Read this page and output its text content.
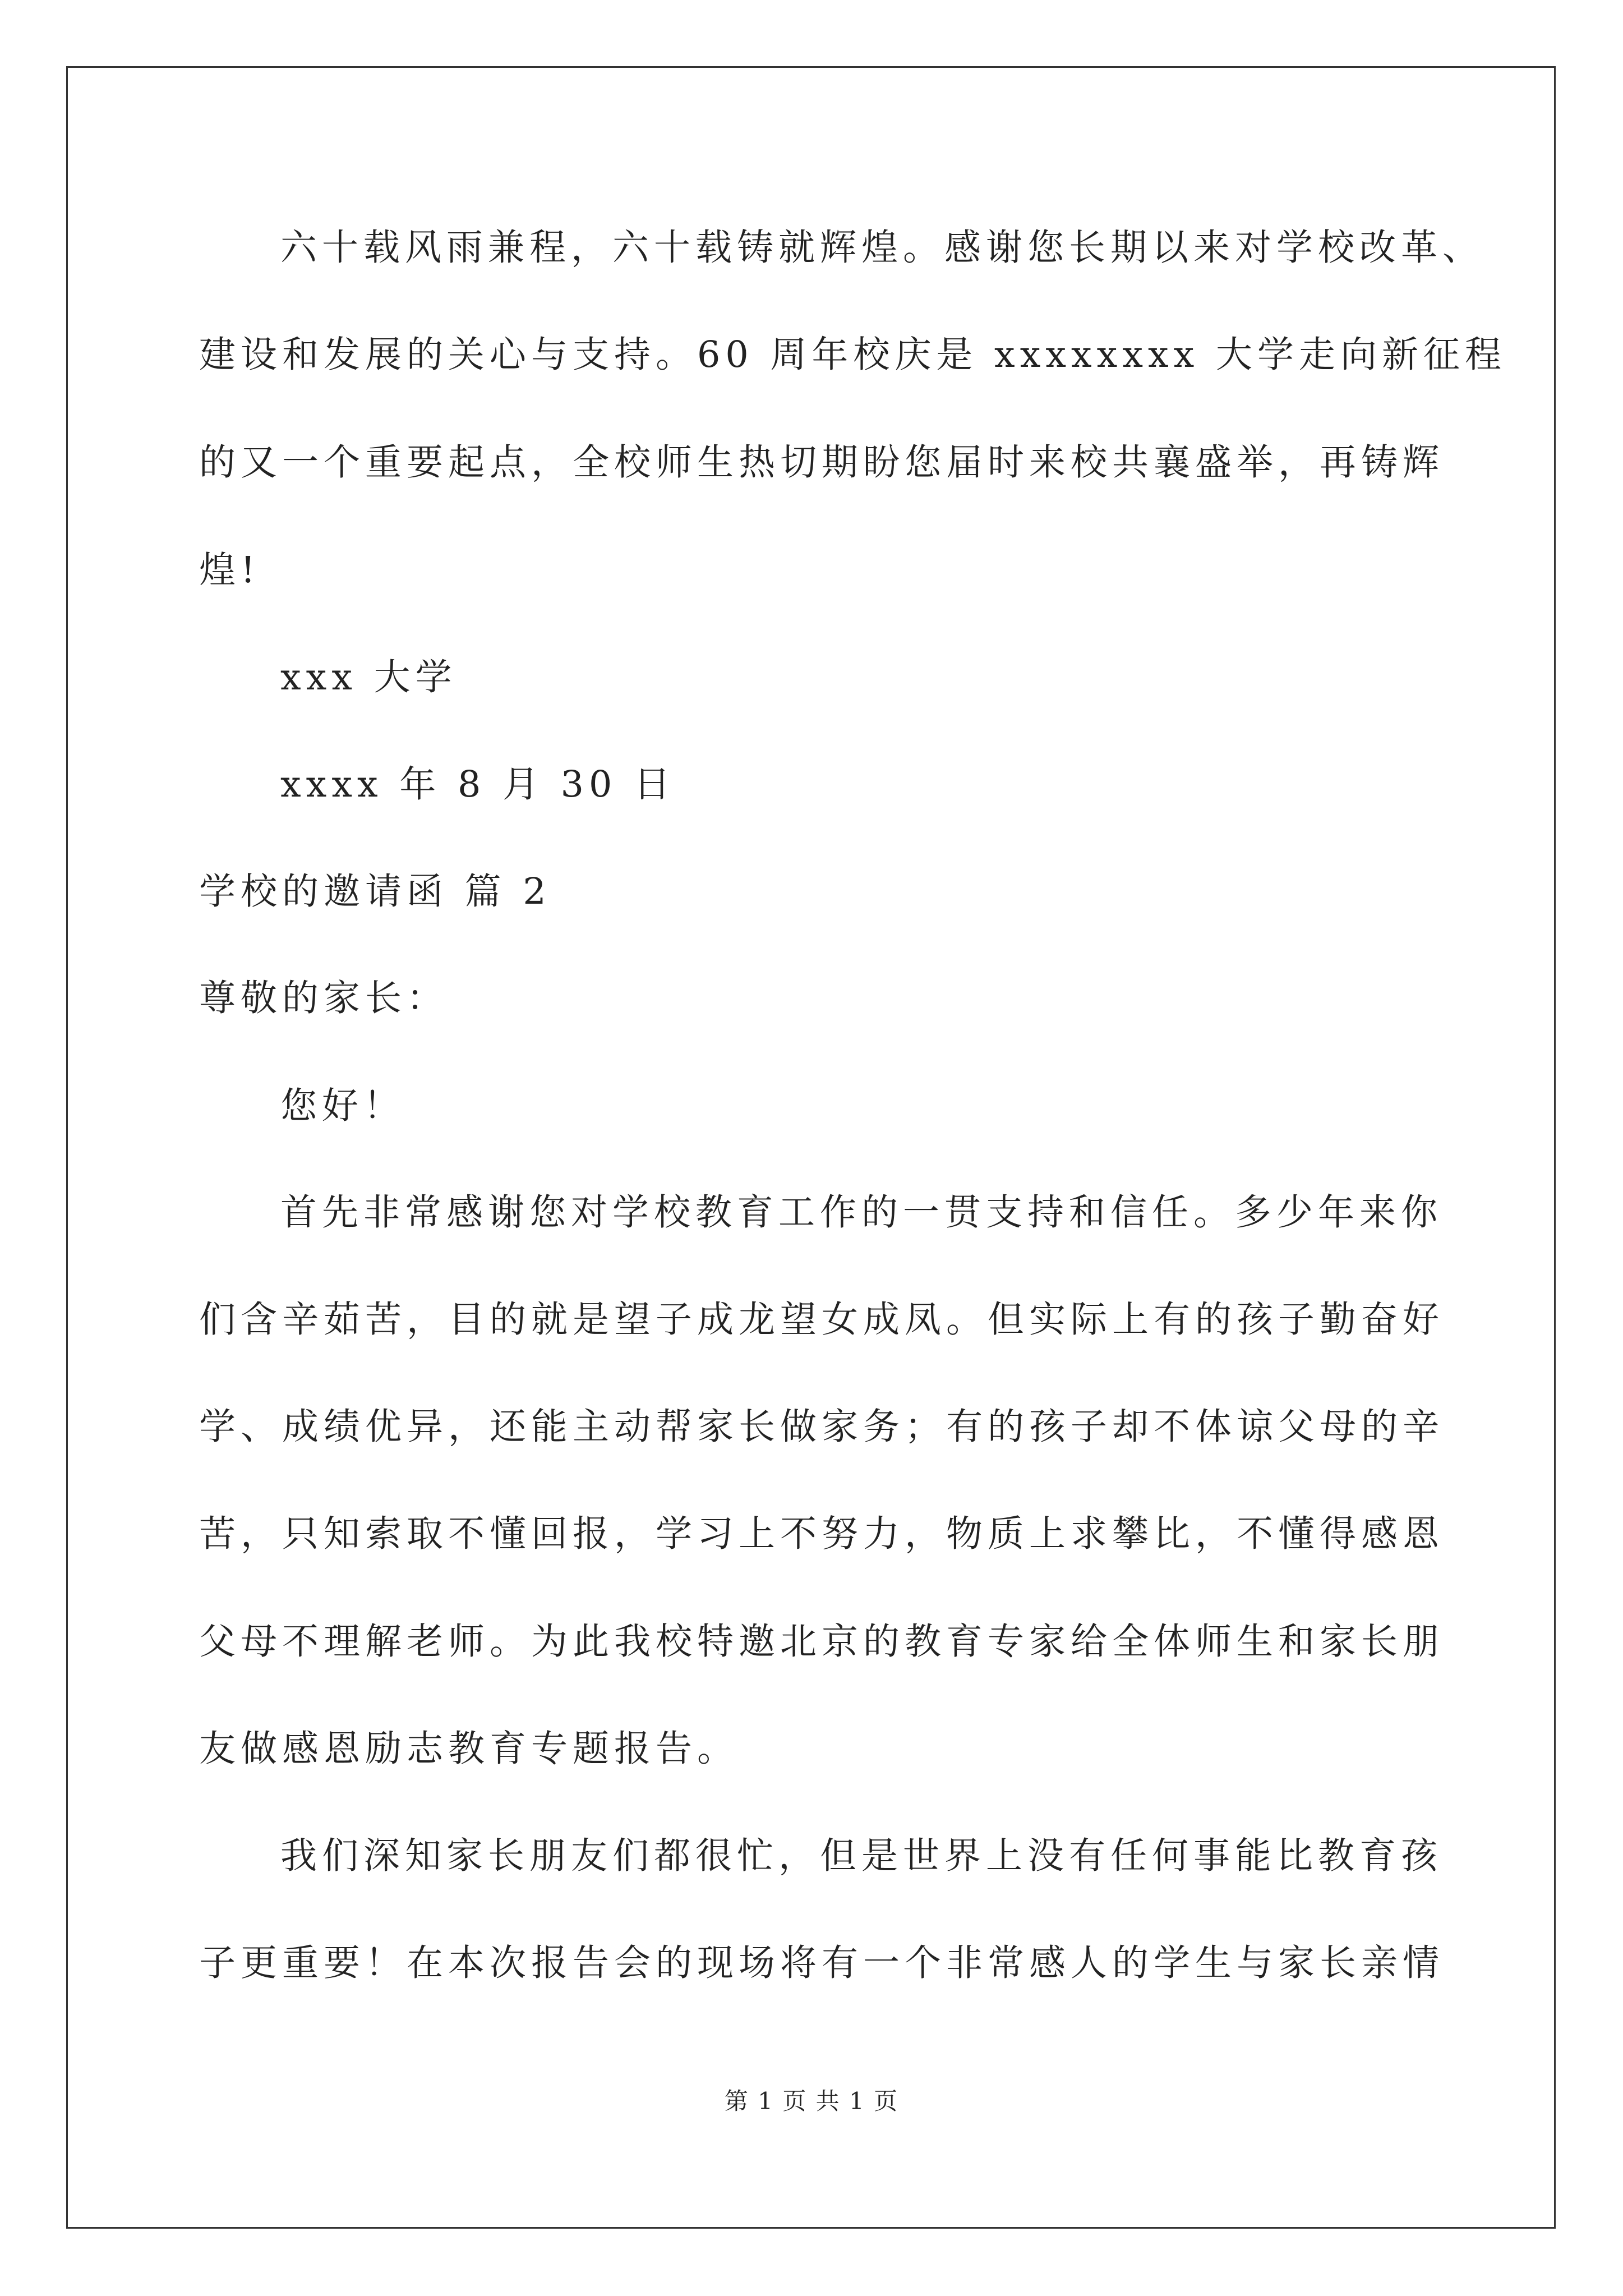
六十载风雨兼程，六十载铸就辉煌。感谢您长期以来对学校改革、
建设和发展的关心与支持。60 周年校庆是 xxxxxxxx 大学走向新征程
的又一个重要起点，全校师生热切期盼您届时来校共襄盛举，再铸辉
煌!
xxx 大学
xxxx 年 8 月 30 日
学校的邀请函 篇 2
尊敬的家长：
您好！
首先非常感谢您对学校教育工作的一贯支持和信任。多少年来你
们含辛茹苦，目的就是望子成龙望女成凤。但实际上有的孩子勤奋好
学、成绩优异，还能主动帮家长做家务；有的孩子却不体谅父母的辛
苦，只知索取不懂回报，学习上不努力，物质上求攀比，不懂得感恩
父母不理解老师。为此我校特邀北京的教育专家给全体师生和家长朋
友做感恩励志教育专题报告。
我们深知家长朋友们都很忙，但是世界上没有任何事能比教育孩
子更重要！在本次报告会的现场将有一个非常感人的学生与家长亲情
第 1 页 共 1 页
